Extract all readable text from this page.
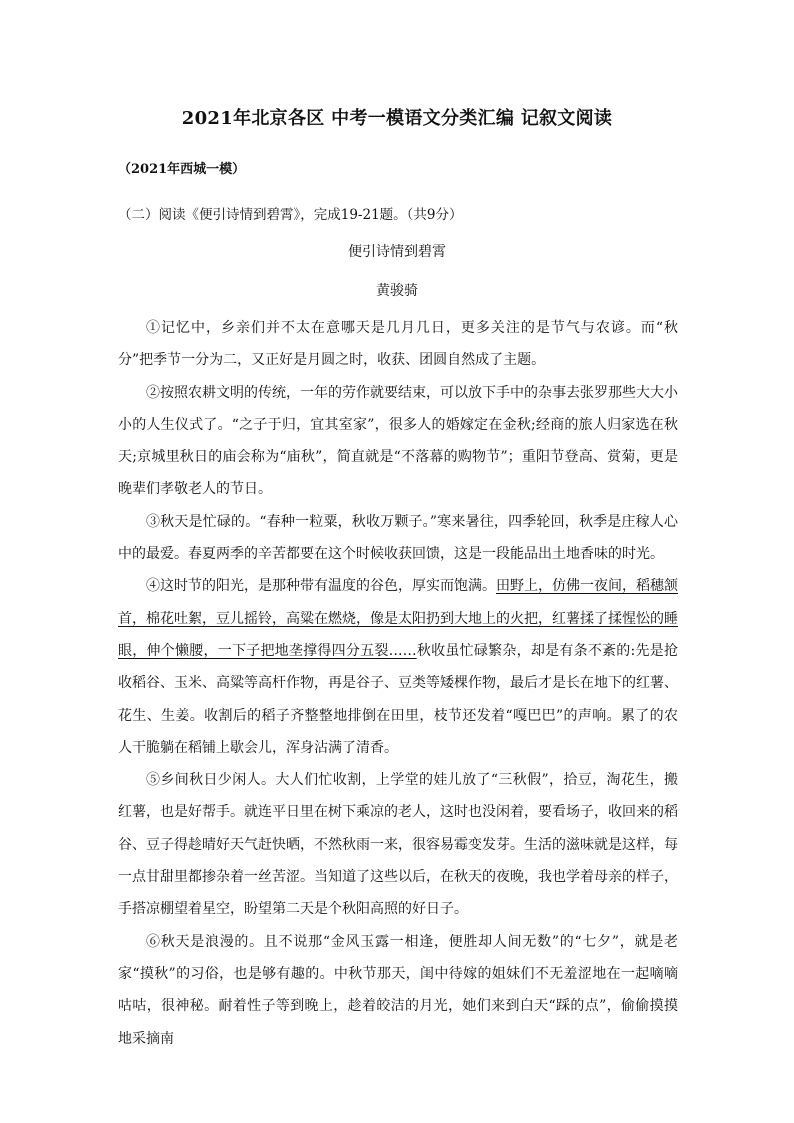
2021年北京各区 中考一模语文分类汇编 记叙文阅读
（2021年西城一模）
（二）阅读《便引诗情到碧霄》，完成19-21题。（共9分）
便引诗情到碧霄
黄骏骑

①记忆中，乡亲们并不太在意哪天是几月几日，更多关注的是节气与农谚。而“秋分”把季节一分为二，又正好是月圆之时，收获、团圆自然成了主题。

②按照农耕文明的传统，一年的劳作就要结束，可以放下手中的杂事去张罗那些大大小小的人生仪式了。“之子于归，宜其室家”，很多人的婚嫁定在金秋;经商的旅人归家选在秋天;京城里秋日的庙会称为“庙秋”，简直就是“不落幕的购物节”；重阳节登高、赏菊，更是晚辈们孝敬老人的节日。

③秋天是忙碌的。“春种一粒粟，秋收万颗子。”寒来暑往，四季轮回，秋季是庄稼人心中的最爱。春夏两季的辛苦都要在这个时候收获回馈，这是一段能品出土地香味的时光。

④这时节的阳光，是那种带有温度的谷色，厚实而饱满。田野上，仿佛一夜间，稻穗颔首，棉花吐絮，豆儿摇铃，高粱在燃烧，像是太阳扔到大地上的火把，红薯揉了揉惺忪的睡眼，伸个懒腰，一下子把地垄撑得四分五裂……秋收虽忙碌繁杂，却是有条不紊的:先是抢收稻谷、玉米、高粱等高杆作物，再是谷子、豆类等矮棵作物，最后才是长在地下的红薯、花生、生姜。收割后的稻子齐整整地排倒在田里，枝节还发着“嘎巴巴”的声响。累了的农人干脆躺在稻铺上歇会儿，浑身沾满了清香。

⑤乡间秋日少闲人。大人们忙收割，上学堂的娃儿放了“三秋假”，拾豆，淘花生，搬红薯，也是好帮手。就连平日里在树下乘凉的老人，这时也没闲着，要看场子，收回来的稻谷、豆子得趁晴好天气赶快晒，不然秋雨一来，很容易霉变发芽。生活的滋味就是这样，每一点甘甜里都掺杂着一丝苦涩。当知道了这些以后，在秋天的夜晚，我也学着母亲的样子，手搭凉棚望着星空，盼望第二天是个秋阳高照的好日子。

⑥秋天是浪漫的。且不说那“金风玉露一相逢，便胜却人间无数”的“七夕”，就是老家“摸秋”的习俗，也是够有趣的。中秋节那天，闺中待嫁的姐妹们不无羞涩地在一起嘀嘀咕咕，很神秘。耐着性子等到晚上，趁着皎洁的月光，她们来到白天“踩的点”，偷偷摸摸地采摘南
